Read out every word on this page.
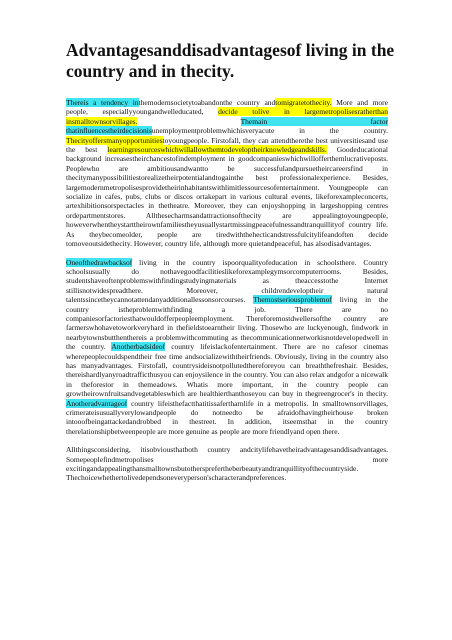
Advantagesanddisadvantagesof living in the country and in thecity.

Thereis a tendency inthemodernsocietytoabandonthe country andtomigratetothecity. More and more people, especiallyyoungandwelleducated, decide tolive in largemetropolisesratherthan insmalltownsorvillages.	Themain factor thatinfluencestheirdecisionisunemploymentproblemwhichisveryacute in the country. Thecityoffersmanyopportunitiestoyoungpeople. Firstofall, they can attendtherethe best universitiesand use the best learningresourceswhichwillallowthemtodeveloptheirknowledgeandskills. Goodeducational background increasestheirchancestofindemployment in goodcompanieswhichwillofferthemlucrativeposts. Peoplewho are ambitiousandwantto be successfulandpursuetheircareersfind in thecitymanypossibilitiestorealizetheirpotentialandtogainthe best professionalexperience. Besides, largemodernmetropolisesprovidetheirinhabitantswithlimitlessourcesofentertainment. Youngpeople can socialize in cafes, pubs, clubs or discos ortakepart in various cultural events, likeforexampleconcerts, artexhibitionsorspectacles in thetheatre. Moreover, they can enjoyshopping in largeshopping centres ordepartmentstores. Allthesecharmsandattractionsofthecity are appealingtoyoungpeople, howeverwhentheystarttheirownfamiliestheyusuallystartmissingpeacefulnessandtranquillityof country life. As theybecomeolder, people are tiredwiththehecticandstressfulcitylifeandoften decide tomoveoutsidethecity. However, country life, although more quietandpeaceful, has alsodisadvantages.

Oneofthedrawbacksof living in the country ispoorqualityofeducation in schoolsthere. Country schoolsusually do nothavegoodfacilitieslikeforexamplegymsorcomputerrooms. Besides, studentshaveoftenproblemswithfindingstudyingmaterials as theaccesstothe Internet stillisnotwidespreadthere. Moreover, childrendeveloptheir natural talentssincetheycannotattendanyadditionallessonsorcourses. Themostseriousproblemof living in the country istheproblemwithfinding a job. There are no companiesorfactoriesthatwouldofferpeopleemployment. Thereforemostdwellersofthe country are farmerswhohavetoworkveryhard in thefieldstoearntheir living. Thosewho are luckyenough, findwork in nearbytownsbutthenthereis a problemwithcommuting as thecommunicationnetworkisnotdevelopedwell in the country. Anotherbadsideof country lifeislackofentertainment. There are no cafesor cinemas wherepeoplecouldspendtheir free time andsocializewiththeirfriends. Obviously, living in the country also has manyadvantages. Firstofall, countrysideisnotpollutedthereforeyou can breaththefreshair. Besides, thereishardlyanyroadtrafficthusyou can enjoysilence in the country. You can also relax andgofor a nicewalk in theforestor in themeadows. Whatis more important, in the country people can growtheirownfruitsandvegetableswhich are healthierthanthoseyou can buy in thegreengrocer's in thecity. Anotheradvantageof country lifeisthefactthatitissafertharnlife in a metropolis. In smalltownsorvillages, crimerateisusuallyverylowandpeople do notneedto be afraidofhavingtheirhouse broken intooofbeingattackedandrobbed in thestreet. In addition, itseemsthat in the country therelationshipbetweenpeople are more genuine as people are more friendlyand open there.

Allthingsconsidering, itisobviousthatboth country andcitylifehavetheiradvantagesanddisadvantages. Somepeoplefindmetropolises more excitingandappealingthansmalltownsbutothersprefertheberbeautyandtranquillityofthecountryside. Thechoicewhethertolivedependsoneveryperson'scharacterandpreferences.
